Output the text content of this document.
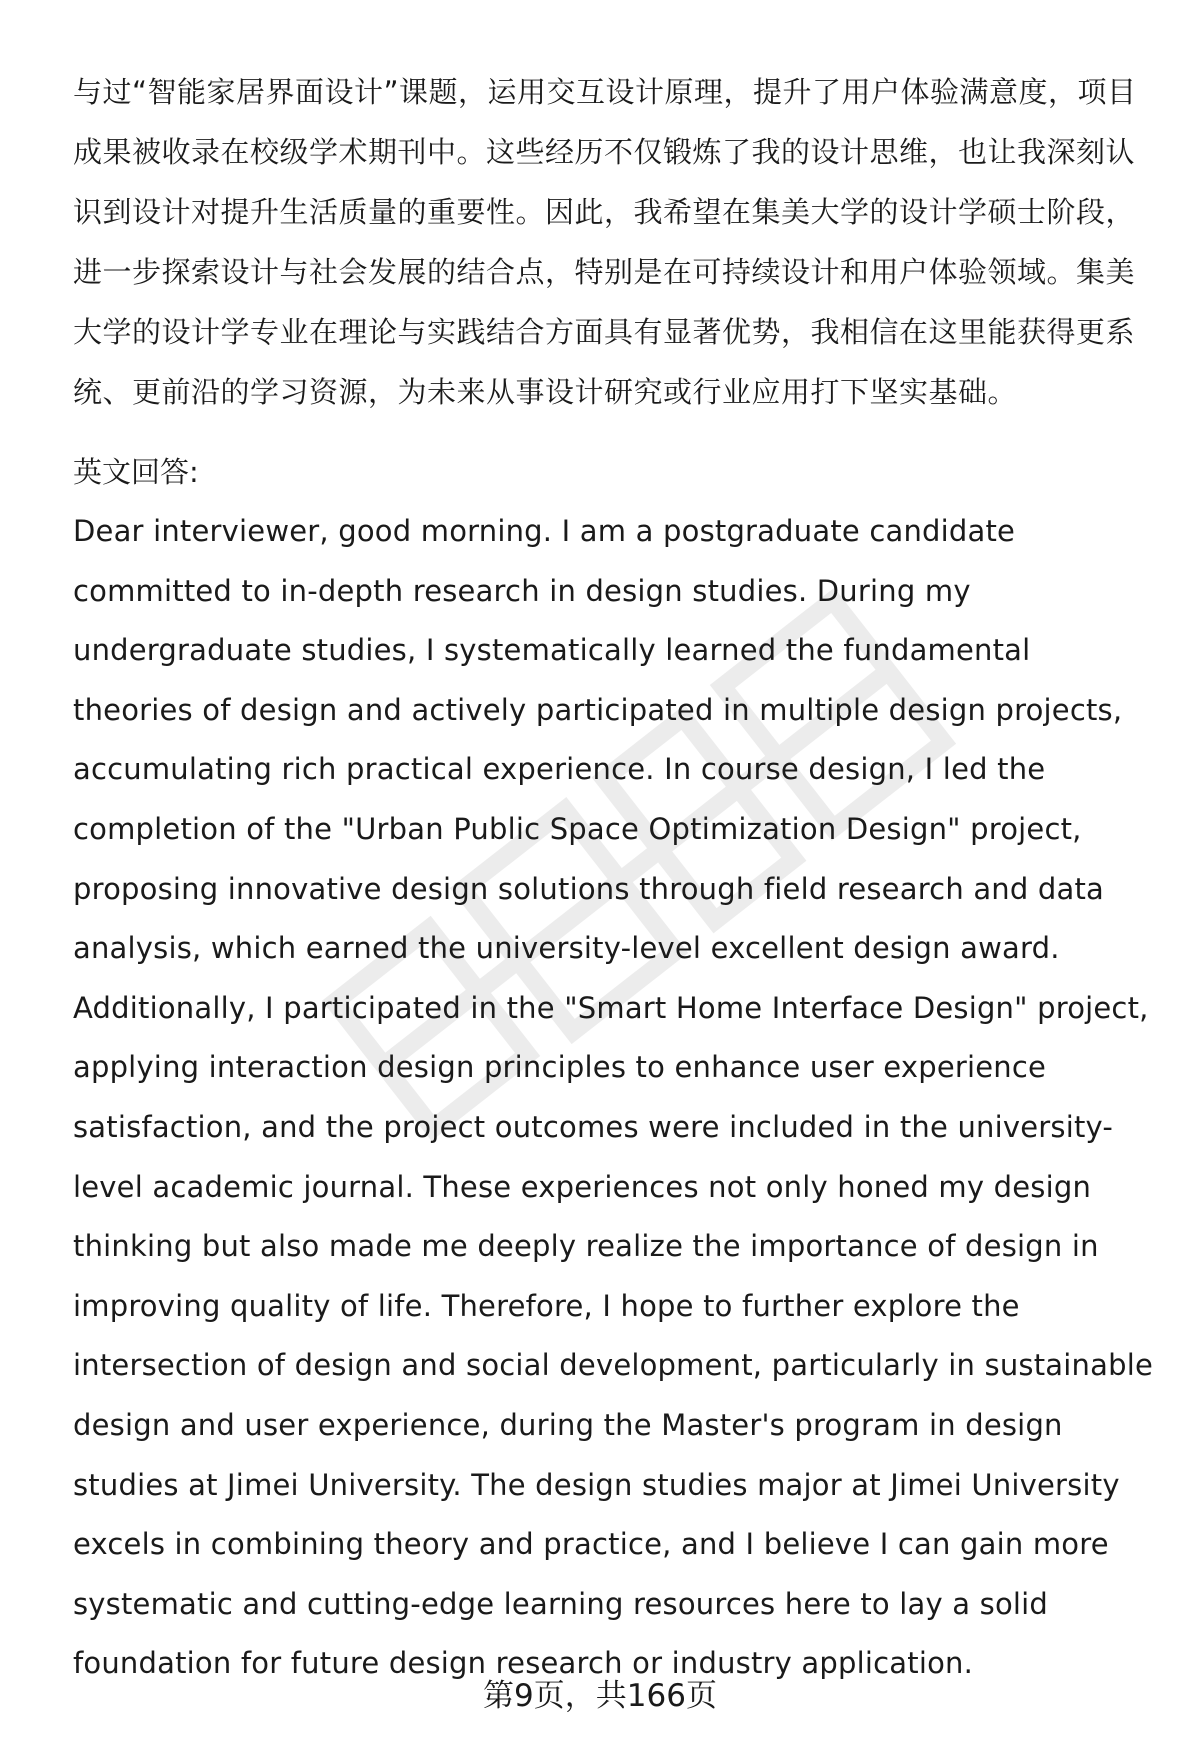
与过“智能家居界面设计”课题，运用交互设计原理，提升了用户体验满意度，项目成果被收录在校级学术期刊中。这些经历不仅锻炼了我的设计思维，也让我深刻认识到设计对提升生活质量的重要性。因此，我希望在集美大学的设计学硕士阶段，进一步探索设计与社会发展的结合点，特别是在可持续设计和用户体验领域。集美大学的设计学专业在理论与实践结合方面具有显著优势，我相信在这里能获得更系统、更前沿的学习资源，为未来从事设计研究或行业应用打下坚实基础。

英文回答:

Dear interviewer, good morning. I am a postgraduate candidate committed to in-depth research in design studies. During my undergraduate studies, I systematically learned the fundamental theories of design and actively participated in multiple design projects, accumulating rich practical experience. In course design, I led the completion of the "Urban Public Space Optimization Design" project, proposing innovative design solutions through field research and data analysis, which earned the university-level excellent design award. Additionally, I participated in the "Smart Home Interface Design" project, applying interaction design principles to enhance user experience satisfaction, and the project outcomes were included in the university-level academic journal. These experiences not only honed my design thinking but also made me deeply realize the importance of design in improving quality of life. Therefore, I hope to further explore the intersection of design and social development, particularly in sustainable design and user experience, during the Master's program in design studies at Jimei University. The design studies major at Jimei University excels in combining theory and practice, and I believe I can gain more systematic and cutting-edge learning resources here to lay a solid foundation for future design research or industry application.

第9页，共166页
